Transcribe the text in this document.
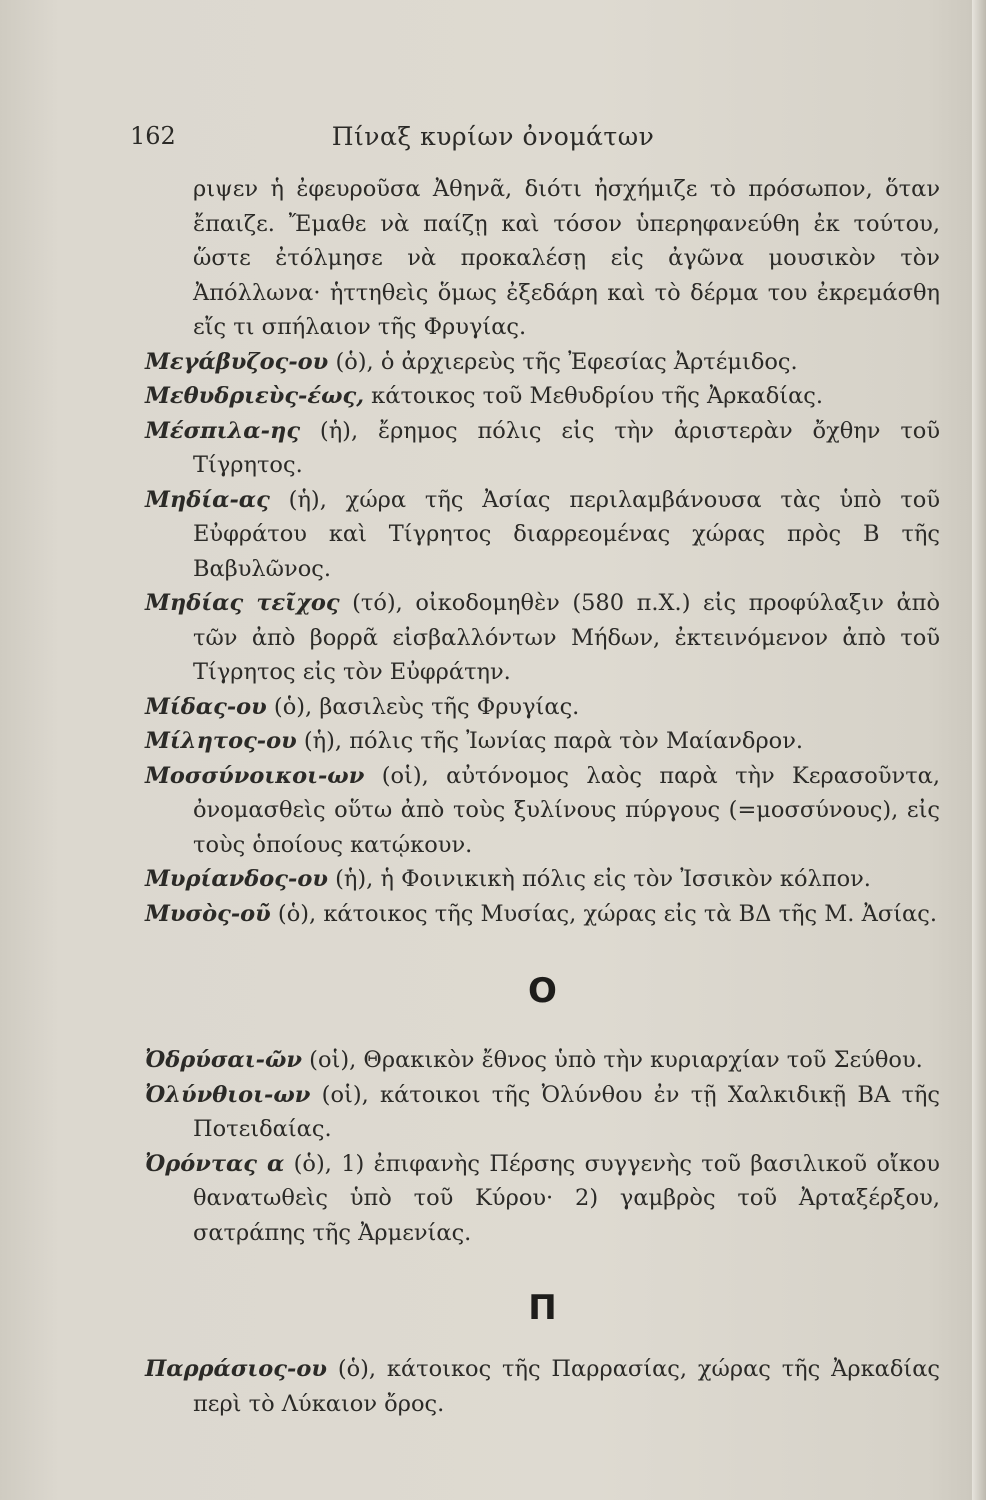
162	Πίναξ κυρίων ὀνομάτων
ριψεν ἡ ἐφευροῦσα Ἀθηνᾶ, διότι ἠσχήμιζε τὸ πρόσωπον, ὅταν ἔπαιζε. Ἔμαθε νὰ παίζῃ καὶ τόσον ὑπερηφανεύθη ἐκ τούτου, ὥστε ἐτόλμησε νὰ προκαλέσῃ εἰς ἀγῶνα μουσικὸν τὸν Ἀπόλλωνα· ἡττηθεὶς ὅμως ἐξεδάρη καὶ τὸ δέρμα του ἐκρεμάσθη εἴς τι σπήλαιον τῆς Φρυγίας.
Μεγάβυζος-ου (ὁ), ὁ ἀρχιερεὺς τῆς Ἐφεσίας Ἀρτέμιδος.
Μεθυδριεὺς-έως, κάτοικος τοῦ Μεθυδρίου τῆς Ἀρκαδίας.
Μέσπιλα-ης (ἡ), ἔρημος πόλις εἰς τὴν ἀριστερὰν ὄχθην τοῦ Τίγρητος.
Μηδία-ας (ἡ), χώρα τῆς Ἀσίας περιλαμβάνουσα τὰς ὑπὸ τοῦ Εὐφράτου καὶ Τίγρητος διαρρεομένας χώρας πρὸς Β τῆς Βαβυλῶνος.
Μηδίας τεῖχος (τό), οἰκοδομηθὲν (580 π.Χ.) εἰς προφύλαξιν ἀπὸ τῶν ἀπὸ βορρᾶ εἰσβαλλόντων Μήδων, ἐκτεινόμενον ἀπὸ τοῦ Τίγρητος εἰς τὸν Εὐφράτην.
Μίδας-ου (ὁ), βασιλεὺς τῆς Φρυγίας.
Μίλητος-ου (ἡ), πόλις τῆς Ἰωνίας παρὰ τὸν Μαίανδρον.
Μοσσύνοικοι-ων (οἱ), αὐτόνομος λαὸς παρὰ τὴν Κερασοῦντα, ὀνομασθεὶς οὕτω ἀπὸ τοὺς ξυλίνους πύργους (=μοσσύνους), εἰς τοὺς ὁποίους κατῴκουν.
Μυρίανδος-ου (ἡ), ἡ Φοινικικὴ πόλις εἰς τὸν Ἰσσικὸν κόλπον.
Μυσὸς-οῦ (ὁ), κάτοικος τῆς Μυσίας, χώρας εἰς τὰ ΒΔ τῆς Μ. Ἀσίας.
Ο
Ὀδρύσαι-ῶν (οἱ), Θρακικὸν ἔθνος ὑπὸ τὴν κυριαρχίαν τοῦ Σεύθου.
Ὀλύνθιοι-ων (οἱ), κάτοικοι τῆς Ὀλύνθου ἐν τῇ Χαλκιδικῇ ΒΑ τῆς Ποτειδαίας.
Ὀρόντας α (ὁ), 1) ἐπιφανὴς Πέρσης συγγενὴς τοῦ βασιλικοῦ οἴκου θανατωθεὶς ὑπὸ τοῦ Κύρου· 2) γαμβρὸς τοῦ Ἀρταξέρξου, σατράπης τῆς Ἀρμενίας.
Π
Παρράσιος-ου (ὁ), κάτοικος τῆς Παρρασίας, χώρας τῆς Ἀρκαδίας περὶ τὸ Λύκαιον ὄρος.
